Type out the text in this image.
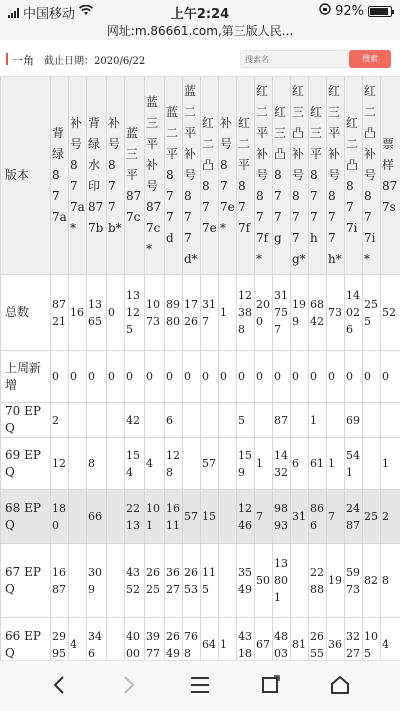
中国移动	上午2:24	92%
网址:m.86661.com,第三版人民...
一角 截止日期：2020/6/22
搜索名	搜索
版本	背绿877a	补号877a*	背绿水印877b	补号877b*	蓝三平877c	蓝三平补号877c*	蓝二平877d	蓝二平补号877d*	红二凸877e	补号877e*	红二平877f	红二平补号877f*	红三凸877g	红三凸补号877g*	红三平877h	红三平补号877h*	红二凸877i	红二凸补号877i*	票样877s
总数	8721	16	1365	0	13125	1073	8980	1726	317	1	12388	200	31757	199	6842	73	14026	255	52
上周新增	0	0	0	0	0	0	0	0	0	0	0	0	0	0	0	0	0	0	0
70 EPQ	2				42		6				5		87		1		69		
69 EPQ	12		8		154	4	128		57		159	1	1432	6	61	1	541		1
68 EPQ	180		66		2213	101	1611	57	15		1246	7	9893	31	866	7	2487	25	2
67 EPQ	1687		309		4352	2625	3627	2653	115		3549	50	13801		2288	19	5973	82	8
66 EPQ	2995	4	346		4000	3977	2649	768	64	1	4318	67	4803	81	2655	36	3227	105	4
